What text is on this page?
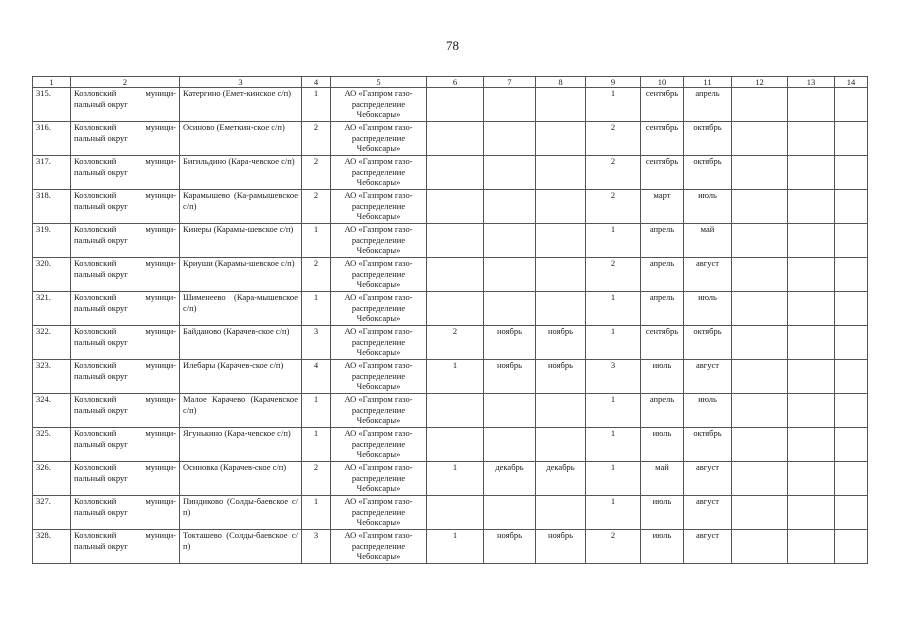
78
1	2	3	4	5	6	7	8	9	10	11	12	13	14
315.	Козловский муници-пальный округ	Катергино (Емет-кинское с/п)	1	АО «Газпром газо-распределение Чебоксары»				1	сентябрь	апрель			
316.	Козловский муници-пальный округ	Осиново (Еметкин-ское с/п)	2	АО «Газпром газо-распределение Чебоксары»				2	сентябрь	октябрь			
317.	Козловский муници-пальный округ	Бигильдино (Кара-чевское с/п)	2	АО «Газпром газо-распределение Чебоксары»				2	сентябрь	октябрь			
318.	Козловский муници-пальный округ	Карамышево (Ка-рамышевское с/п)	2	АО «Газпром газо-распределение Чебоксары»				2	март	июль			
319.	Козловский муници-пальный округ	Кинеры (Карамы-шевское с/п)	1	АО «Газпром газо-распределение Чебоксары»				1	апрель	май			
320.	Козловский муници-пальный округ	Криуши (Карамы-шевское с/п)	2	АО «Газпром газо-распределение Чебоксары»				2	апрель	август			
321.	Козловский муници-пальный округ	Шименеево (Кара-мышевское с/п)	1	АО «Газпром газо-распределение Чебоксары»				1	апрель	июль			
322.	Козловский муници-пальный округ	Байданово (Карачев-ское с/п)	3	АО «Газпром газо-распределение Чебоксары»	2	ноябрь	ноябрь	1	сентябрь	октябрь			
323.	Козловский муници-пальный округ	Илебары (Карачев-ское с/п)	4	АО «Газпром газо-распределение Чебоксары»	1	ноябрь	ноябрь	3	июль	август			
324.	Козловский муници-пальный округ	Малое Карачево (Карачевское с/п)	1	АО «Газпром газо-распределение Чебоксары»				1	апрель	июль			
325.	Козловский муници-пальный округ	Ягунькино (Кара-чевское с/п)	1	АО «Газпром газо-распределение Чебоксары»				1	июль	октябрь			
326.	Козловский муници-пальный округ	Осиновка (Карачев-ское с/п)	2	АО «Газпром газо-распределение Чебоксары»	1	декабрь	декабрь	1	май	август			
327.	Козловский муници-пальный округ	Пиндиково (Солды-баевское с/п)	1	АО «Газпром газо-распределение Чебоксары»				1	июль	август			
328.	Козловский муници-пальный округ	Токташево (Солды-баевское с/п)	3	АО «Газпром газо-распределение Чебоксары»	1	ноябрь	ноябрь	2	июль	август			
